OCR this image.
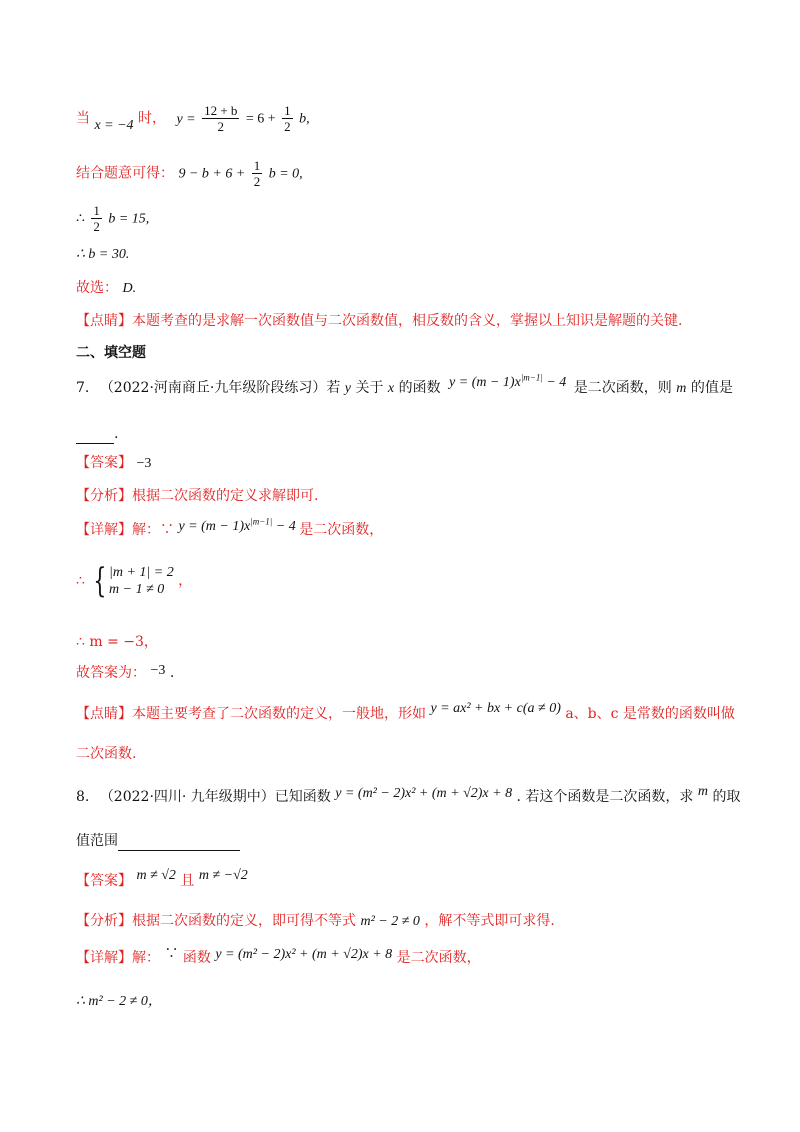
当 x = −4 时， $y = \frac{12 + b}{2} = 6 + \frac{1}{2} b$,
结合题意可得： $9 - b + 6 + \frac{1}{2}$ b = 0,
∴ $\frac{1}{2}$ b = 15,
∴ b = 30.
故选： D.
【点睛】本题考查的是求解一次函数值与二次函数值，相反数的含义，掌握以上知识是解题的关键.
二、填空题
7. （2022·河南商丘·九年级阶段练习）若 y 关于 x 的函数 $y = (m - 1)x^{|m-1|} - 4$ 是二次函数，则 m 的值是
.
【答案】 −3
【分析】根据二次函数的定义求解即可.
【详解】解：∵ $y = (m - 1)x^{|m-1|} - 4$ 是二次函数，
∴ { |m + 1| = 2
m − 1 ≠ 0
，
∴ m = −3，
故答案为： −3 .
【点睛】本题主要考查了二次函数的定义，一般地，形如 y = ax² + bx + c(a ≠ 0) a、b、c 是常数的函数叫做
二次函数.
8. （2022·四川· 九年级期中）已知函数 y = (m² − 2)x² + (m + √2)x + 8 . 若这个函数是二次函数，求 m 的取
值范围
【答案】 m ≠ √2 且 m ≠ −√2
【分析】根据二次函数的定义，即可得不等式 m² − 2 ≠ 0 ，解不等式即可求得.
【详解】解： ∵ 函数 y = (m² − 2)x² + (m + √2)x + 8 是二次函数，
∴ m² − 2 ≠ 0，
